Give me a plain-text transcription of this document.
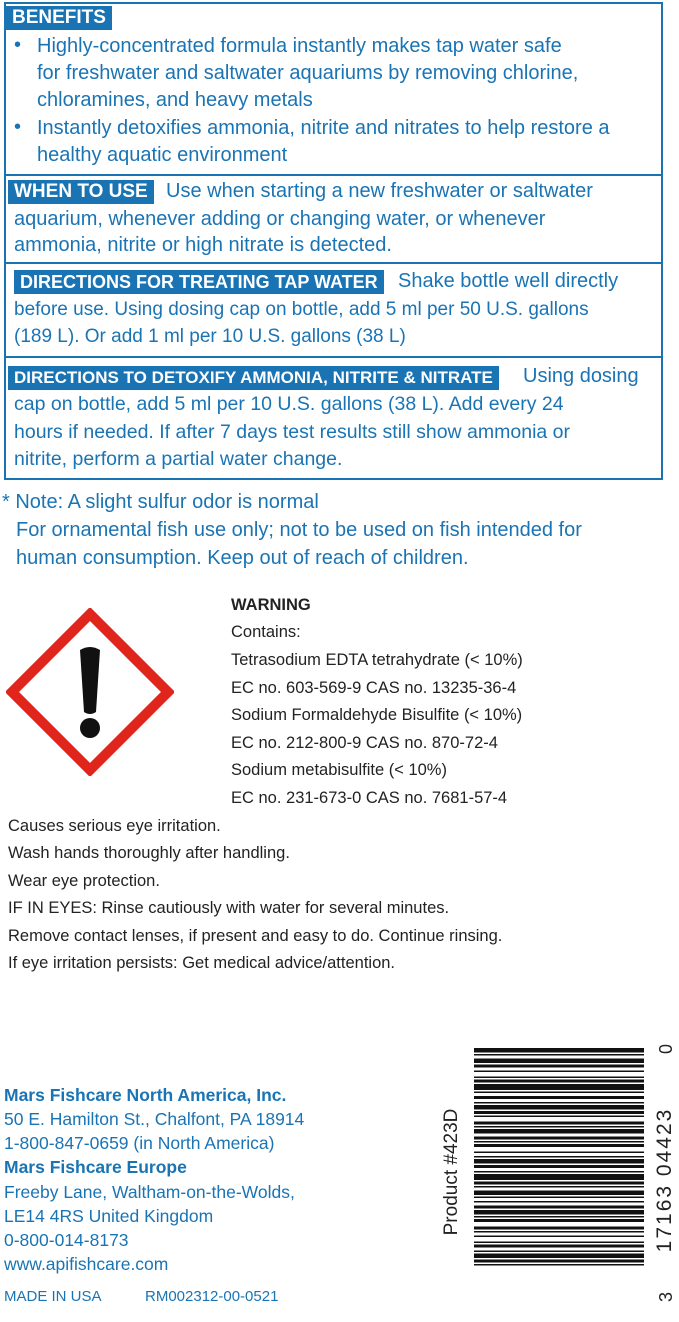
BENEFITS
• Highly-concentrated formula instantly makes tap water safe
for freshwater and saltwater aquariums by removing chlorine,
chloramines, and heavy metals
• Instantly detoxifies ammonia, nitrite and nitrates to help restore a
healthy aquatic environment
WHEN TO USE Use when starting a new freshwater or saltwater
aquarium, whenever adding or changing water, or whenever
ammonia, nitrite or high nitrate is detected.
DIRECTIONS FOR TREATING TAP WATER	Shake bottle well directly
before use. Using dosing cap on bottle, add 5 ml per 50 U.S. gallons
(189 L). Or add 1 ml per 10 U.S. gallons (38 L)
DIRECTIONS TO DETOXIFY AMMONIA, NITRITE & NITRATE	Using dosing
cap on bottle, add 5 ml per 10 U.S. gallons (38 L). Add every 24
hours if needed. If after 7 days test results still show ammonia or
nitrite, perform a partial water change.
* Note: A slight sulfur odor is normal
For ornamental fish use only; not to be used on fish intended for
human consumption. Keep out of reach of children.
WARNING
Contains:
Tetrasodium EDTA tetrahydrate (< 10%)
EC no. 603-569-9 CAS no. 13235-36-4
Sodium Formaldehyde Bisulfite (< 10%)
EC no. 212-800-9 CAS no. 870-72-4
Sodium metabisulfite (< 10%)
EC no. 231-673-0 CAS no. 7681-57-4
Causes serious eye irritation.
Wash hands thoroughly after handling.
Wear eye protection.
IF IN EYES: Rinse cautiously with water for several minutes.
Remove contact lenses, if present and easy to do. Continue rinsing.
If eye irritation persists: Get medical advice/attention.
Mars Fishcare North America, Inc.
50 E. Hamilton St., Chalfont, PA 18914
1-800-847-0659 (in North America)
Mars Fishcare Europe
Freeby Lane, Waltham-on-the-Wolds,
LE14 4RS United Kingdom
0-800-014-8173
www.apifishcare.com
MADE IN USA	RM002312-00-0521
Product #423D
3
17163 04423
0
